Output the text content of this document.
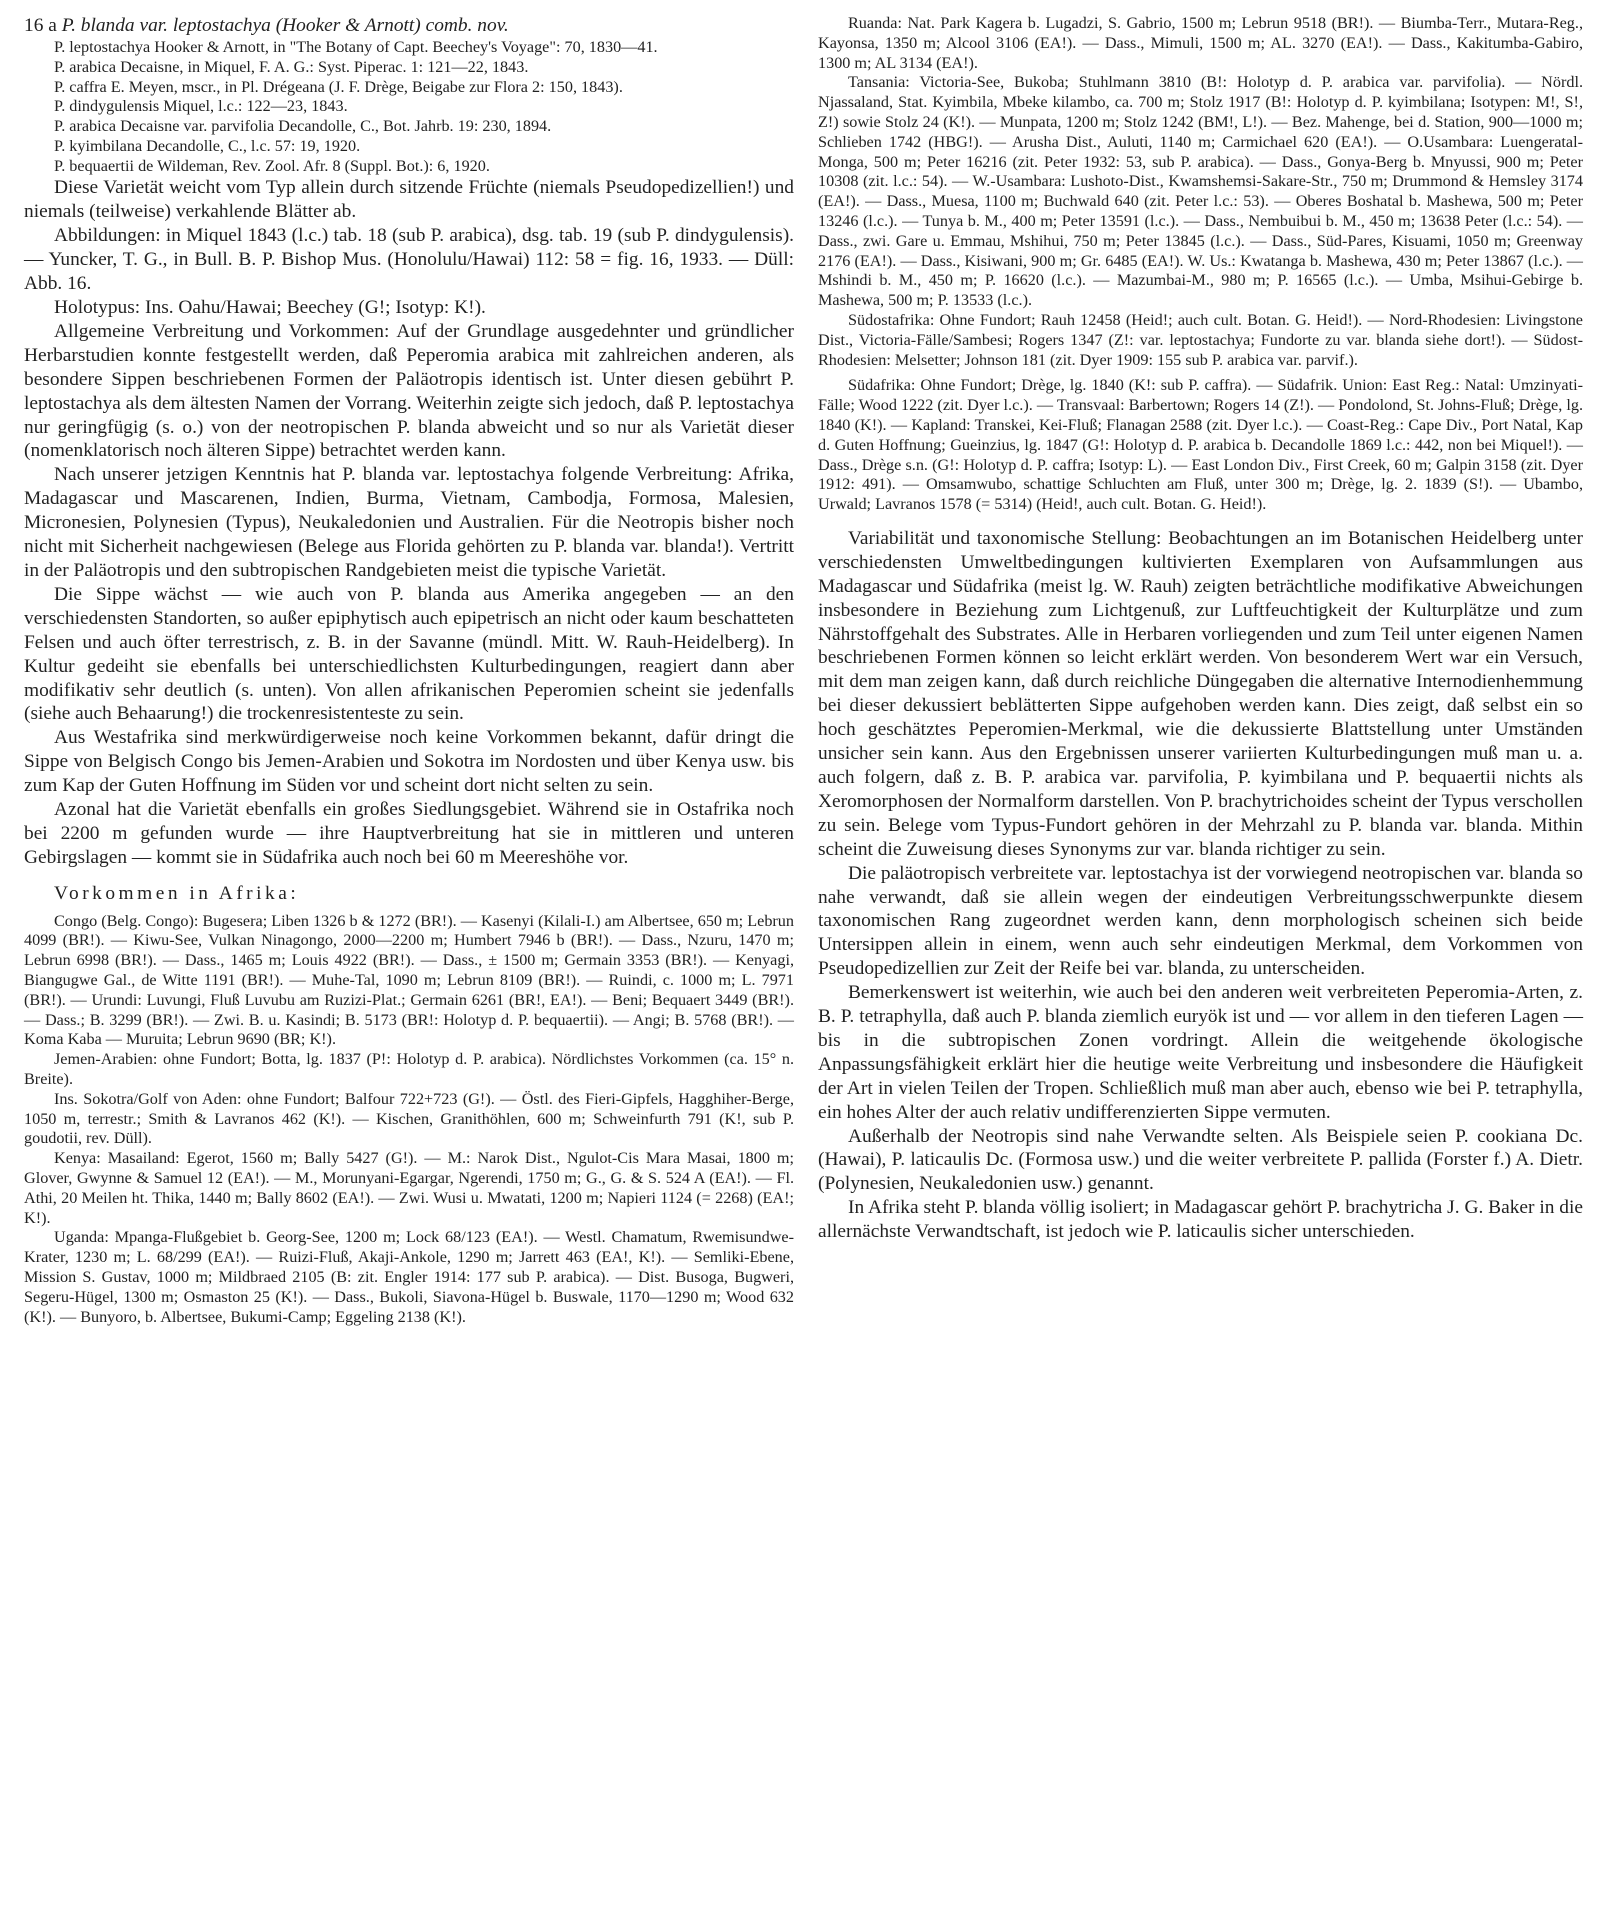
16 a P. blanda var. leptostachya (Hooker & Arnott) comb. nov.

P. leptostachya Hooker & Arnott, in "The Botany of Capt. Beechey's Voyage": 70, 1830—41.

P. arabica Decaisne, in Miquel, F. A. G.: Syst. Piperac. 1: 121—22, 1843.

P. caffra E. Meyen, mscr., in Pl. Drégeana (J. F. Drège, Beigabe zur Flora 2: 150, 1843).

P. dindygulensis Miquel, l.c.: 122—23, 1843.

P. arabica Decaisne var. parvifolia Decandolle, C., Bot. Jahrb. 19: 230, 1894.

P. kyimbilana Decandolle, C., l.c. 57: 19, 1920.

P. bequaertii de Wildeman, Rev. Zool. Afr. 8 (Suppl. Bot.): 6, 1920.

Diese Varietät weicht vom Typ allein durch sitzende Früchte (niemals Pseudopedizellien!) und niemals (teilweise) verkahlende Blätter ab.

Abbildungen: in Miquel 1843 (l.c.) tab. 18 (sub P. arabica), dsg. tab. 19 (sub P. dindygulensis). — Yuncker, T. G., in Bull. B. P. Bishop Mus. (Honolulu/Hawai) 112: 58 = fig. 16, 1933. — Düll: Abb. 16.

Holotypus: Ins. Oahu/Hawai; Beechey (G!; Isotyp: K!).

Allgemeine Verbreitung und Vorkommen: Auf der Grundlage ausgedehnter und gründlicher Herbarstudien konnte festgestellt werden, daß Peperomia arabica mit zahlreichen anderen, als besondere Sippen beschriebenen Formen der Paläotropis identisch ist. Unter diesen gebührt P. leptostachya als dem ältesten Namen der Vorrang. Weiterhin zeigte sich jedoch, daß P. leptostachya nur geringfügig (s. o.) von der neotropischen P. blanda abweicht und so nur als Varietät dieser (nomenklatorisch noch älteren Sippe) betrachtet werden kann.

Nach unserer jetzigen Kenntnis hat P. blanda var. leptostachya folgende Verbreitung: Afrika, Madagascar und Mascarenen, Indien, Burma, Vietnam, Cambodja, Formosa, Malesien, Micronesien, Polynesien (Typus), Neukaledonien und Australien. Für die Neotropis bisher noch nicht mit Sicherheit nachgewiesen (Belege aus Florida gehörten zu P. blanda var. blanda!). Vertritt in der Paläotropis und den subtropischen Randgebieten meist die typische Varietät.

Die Sippe wächst — wie auch von P. blanda aus Amerika angegeben — an den verschiedensten Standorten, so außer epiphytisch auch epipetrisch an nicht oder kaum beschatteten Felsen und auch öfter terrestrisch, z. B. in der Savanne (mündl. Mitt. W. Rauh-Heidelberg). In Kultur gedeiht sie ebenfalls bei unterschiedlichsten Kulturbedingungen, reagiert dann aber modifikativ sehr deutlich (s. unten). Von allen afrikanischen Peperomien scheint sie jedenfalls (siehe auch Behaarung!) die trockenresistenteste zu sein.

Aus Westafrika sind merkwürdigerweise noch keine Vorkommen bekannt, dafür dringt die Sippe von Belgisch Congo bis Jemen-Arabien und Sokotra im Nordosten und über Kenya usw. bis zum Kap der Guten Hoffnung im Süden vor und scheint dort nicht selten zu sein.

Azonal hat die Varietät ebenfalls ein großes Siedlungsgebiet. Während sie in Ostafrika noch bei 2200 m gefunden wurde — ihre Hauptverbreitung hat sie in mittleren und unteren Gebirgslagen — kommt sie in Südafrika auch noch bei 60 m Meereshöhe vor.

Vorkommen in Afrika:

Congo (Belg. Congo): Bugesera; Liben 1326 b & 1272 (BR!). — Kasenyi (Kilali-I.) am Albertsee, 650 m; Lebrun 4099 (BR!). — Kiwu-See, Vulkan Ninagongo, 2000—2200 m; Humbert 7946 b (BR!). — Dass., Nzuru, 1470 m; Lebrun 6998 (BR!). — Dass., 1465 m; Louis 4922 (BR!). — Dass., ± 1500 m; Germain 3353 (BR!). — Kenyagi, Biangugwe Gal., de Witte 1191 (BR!). — Muhe-Tal, 1090 m; Lebrun 8109 (BR!). — Ruindi, c. 1000 m; L. 7971 (BR!). — Urundi: Luvungi, Fluß Luvubu am Ruzizi-Plat.; Germain 6261 (BR!, EA!). — Beni; Bequaert 3449 (BR!). — Dass.; B. 3299 (BR!). — Zwi. B. u. Kasindi; B. 5173 (BR!: Holotyp d. P. bequaertii). — Angi; B. 5768 (BR!). — Koma Kaba — Muruita; Lebrun 9690 (BR; K!).

Jemen-Arabien: ohne Fundort; Botta, lg. 1837 (P!: Holotyp d. P. arabica). Nördlichstes Vorkommen (ca. 15° n. Breite).

Ins. Sokotra/Golf von Aden: ohne Fundort; Balfour 722+723 (G!). — Östl. des Fieri-Gipfels, Hagghiher-Berge, 1050 m, terrestr.; Smith & Lavranos 462 (K!). — Kischen, Granithöhlen, 600 m; Schweinfurth 791 (K!, sub P. goudotii, rev. Düll).

Kenya: Masailand: Egerot, 1560 m; Bally 5427 (G!). — M.: Narok Dist., Ngulot-Cis Mara Masai, 1800 m; Glover, Gwynne & Samuel 12 (EA!). — M., Morunyani-Egargar, Ngerendi, 1750 m; G., G. & S. 524 A (EA!). — Fl. Athi, 20 Meilen ht. Thika, 1440 m; Bally 8602 (EA!). — Zwi. Wusi u. Mwatati, 1200 m; Napieri 1124 (= 2268) (EA!; K!).

Uganda: Mpanga-Flußgebiet b. Georg-See, 1200 m; Lock 68/123 (EA!). — Westl. Chamatum, Rwemisundwe-Krater, 1230 m; L. 68/299 (EA!). — Ruizi-Fluß, Akaji-Ankole, 1290 m; Jarrett 463 (EA!, K!). — Semliki-Ebene, Mission S. Gustav, 1000 m; Mildbraed 2105 (B: zit. Engler 1914: 177 sub P. arabica). — Dist. Busoga, Bugweri, Segeru-Hügel, 1300 m; Osmaston 25 (K!). — Dass., Bukoli, Siavona-Hügel b. Buswale, 1170—1290 m; Wood 632 (K!). — Bunyoro, b. Albertsee, Bukumi-Camp; Eggeling 2138 (K!).

Ruanda: Nat. Park Kagera b. Lugadzi, S. Gabrio, 1500 m; Lebrun 9518 (BR!). — Biumba-Terr., Mutara-Reg., Kayonsa, 1350 m; Alcool 3106 (EA!). — Dass., Mimuli, 1500 m; AL. 3270 (EA!). — Dass., Kakitumba-Gabiro, 1300 m; AL 3134 (EA!).

Tansania: Victoria-See, Bukoba; Stuhlmann 3810 (B!: Holotyp d. P. arabica var. parvifolia). — Nördl. Njassaland, Stat. Kyimbila, Mbeke kilambo, ca. 700 m; Stolz 1917 (B!: Holotyp d. P. kyimbilana; Isotypen: M!, S!, Z!) sowie Stolz 24 (K!). — Munpata, 1200 m; Stolz 1242 (BM!, L!). — Bez. Mahenge, bei d. Station, 900—1000 m; Schlieben 1742 (HBG!). — Arusha Dist., Auluti, 1140 m; Carmichael 620 (EA!). — O.Usambara: Luengeratal-Monga, 500 m; Peter 16216 (zit. Peter 1932: 53, sub P. arabica). — Dass., Gonya-Berg b. Mnyussi, 900 m; Peter 10308 (zit. l.c.: 54). — W.-Usambara: Lushoto-Dist., Kwamshemsi-Sakare-Str., 750 m; Drummond & Hemsley 3174 (EA!). — Dass., Muesa, 1100 m; Buchwald 640 (zit. Peter l.c.: 53). — Oberes Boshatal b. Mashewa, 500 m; Peter 13246 (l.c.). — Tunya b. M., 400 m; Peter 13591 (l.c.). — Dass., Nembuibui b. M., 450 m; 13638 Peter (l.c.: 54). — Dass., zwi. Gare u. Emmau, Mshihui, 750 m; Peter 13845 (l.c.). — Dass., Süd-Pares, Kisuami, 1050 m; Greenway 2176 (EA!). — Dass., Kisiwani, 900 m; Gr. 6485 (EA!). W. Us.: Kwatanga b. Mashewa, 430 m; Peter 13867 (l.c.). — Mshindi b. M., 450 m; P. 16620 (l.c.). — Mazumbai-M., 980 m; P. 16565 (l.c.). — Umba, Msihui-Gebirge b. Mashewa, 500 m; P. 13533 (l.c.).

Südostafrika: Ohne Fundort; Rauh 12458 (Heid!; auch cult. Botan. G. Heid!). — Nord-Rhodesien: Livingstone Dist., Victoria-Fälle/Sambesi; Rogers 1347 (Z!: var. leptostachya; Fundorte zu var. blanda siehe dort!). — Südost-Rhodesien: Melsetter; Johnson 181 (zit. Dyer 1909: 155 sub P. arabica var. parvif.).

Südafrika: Ohne Fundort; Drège, lg. 1840 (K!: sub P. caffra). — Südafrik. Union: East Reg.: Natal: Umzinyati-Fälle; Wood 1222 (zit. Dyer l.c.). — Transvaal: Barbertown; Rogers 14 (Z!). — Pondolond, St. Johns-Fluß; Drège, lg. 1840 (K!). — Kapland: Transkei, Kei-Fluß; Flanagan 2588 (zit. Dyer l.c.). — Coast-Reg.: Cape Div., Port Natal, Kap d. Guten Hoffnung; Gueinzius, lg. 1847 (G!: Holotyp d. P. arabica b. Decandolle 1869 l.c.: 442, non bei Miquel!). — Dass., Drège s.n. (G!: Holotyp d. P. caffra; Isotyp: L). — East London Div., First Creek, 60 m; Galpin 3158 (zit. Dyer 1912: 491). — Omsamwubo, schattige Schluchten am Fluß, unter 300 m; Drège, lg. 2. 1839 (S!). — Ubambo, Urwald; Lavranos 1578 (= 5314) (Heid!, auch cult. Botan. G. Heid!).

Variabilität und taxonomische Stellung: Beobachtungen an im Botanischen Heidelberg unter verschiedensten Umweltbedingungen kultivierten Exemplaren von Aufsammlungen aus Madagascar und Südafrika (meist lg. W. Rauh) zeigten beträchtliche modifikative Abweichungen insbesondere in Beziehung zum Lichtgenuß, zur Luftfeuchtigkeit der Kulturplätze und zum Nährstoffgehalt des Substrates. Alle in Herbaren vorliegenden und zum Teil unter eigenen Namen beschriebenen Formen können so leicht erklärt werden. Von besonderem Wert war ein Versuch, mit dem man zeigen kann, daß durch reichliche Düngegaben die alternative Internodienhemmung bei dieser dekussiert beblätterten Sippe aufgehoben werden kann. Dies zeigt, daß selbst ein so hoch geschätztes Peperomien-Merkmal, wie die dekussierte Blattstellung unter Umständen unsicher sein kann. Aus den Ergebnissen unserer variierten Kulturbedingungen muß man u. a. auch folgern, daß z. B. P. arabica var. parvifolia, P. kyimbilana und P. bequaertii nichts als Xeromorphosen der Normalform darstellen. Von P. brachytrichoides scheint der Typus verschollen zu sein. Belege vom Typus-Fundort gehören in der Mehrzahl zu P. blanda var. blanda. Mithin scheint die Zuweisung dieses Synonyms zur var. blanda richtiger zu sein.

Die paläotropisch verbreitete var. leptostachya ist der vorwiegend neotropischen var. blanda so nahe verwandt, daß sie allein wegen der eindeutigen Verbreitungsschwerpunkte diesem taxonomischen Rang zugeordnet werden kann, denn morphologisch scheinen sich beide Untersippen allein in einem, wenn auch sehr eindeutigen Merkmal, dem Vorkommen von Pseudopedizellien zur Zeit der Reife bei var. blanda, zu unterscheiden.

Bemerkenswert ist weiterhin, wie auch bei den anderen weit verbreiteten Peperomia-Arten, z. B. P. tetraphylla, daß auch P. blanda ziemlich euryök ist und — vor allem in den tieferen Lagen — bis in die subtropischen Zonen vordringt. Allein die weitgehende ökologische Anpassungsfähigkeit erklärt hier die heutige weite Verbreitung und insbesondere die Häufigkeit der Art in vielen Teilen der Tropen. Schließlich muß man aber auch, ebenso wie bei P. tetraphylla, ein hohes Alter der auch relativ undifferenzierten Sippe vermuten.

Außerhalb der Neotropis sind nahe Verwandte selten. Als Beispiele seien P. cookiana Dc. (Hawai), P. laticaulis Dc. (Formosa usw.) und die weiter verbreitete P. pallida (Forster f.) A. Dietr. (Polynesien, Neukaledonien usw.) genannt.

In Afrika steht P. blanda völlig isoliert; in Madagascar gehört P. brachytricha J. G. Baker in die allernächste Verwandtschaft, ist jedoch wie P. laticaulis sicher unterschieden.
